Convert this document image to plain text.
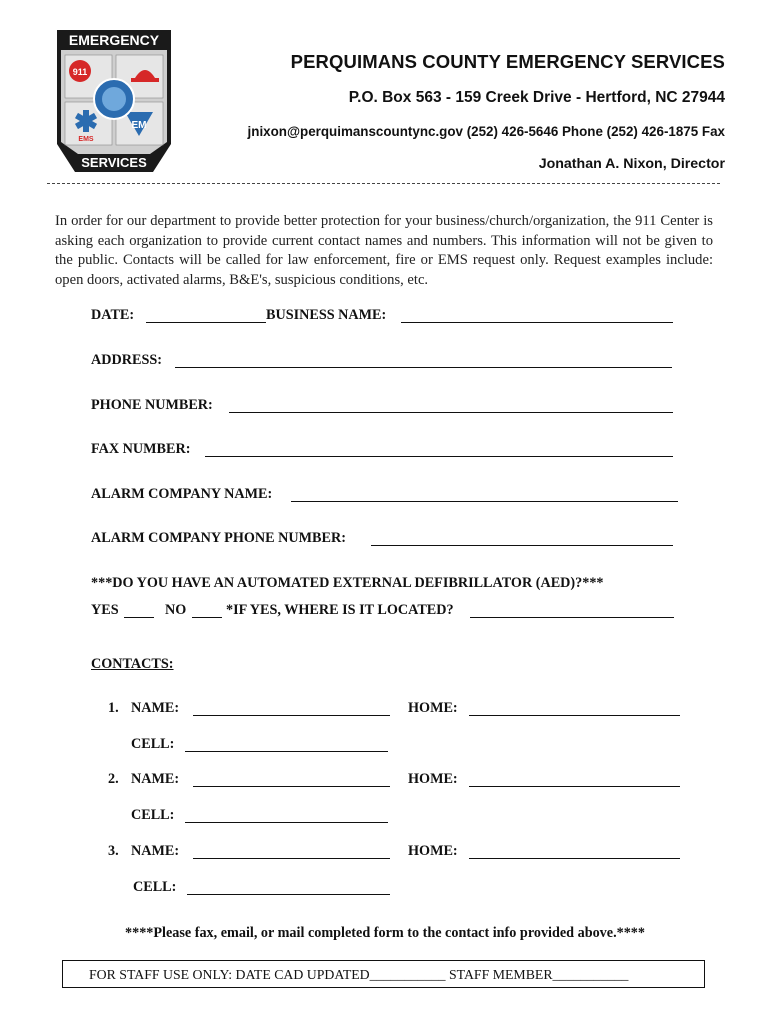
EMERGENCY
911
EMS
EM
SERVICES
PERQUIMANS COUNTY EMERGENCY SERVICES
P.O. Box 563 - 159 Creek Drive - Hertford, NC 27944
jnixon@perquimanscountync.gov (252) 426-5646 Phone (252) 426-1875 Fax
Jonathan A. Nixon, Director

In order for our department to provide better protection for your business/church/organization, the 911 Center is asking each organization to provide current contact names and numbers. This information will not be given to the public. Contacts will be called for law enforcement, fire or EMS request only. Request examples include: open doors, activated alarms, B&E's, suspicious conditions, etc.

DATE:	BUSINESS NAME:
ADDRESS:
PHONE NUMBER:
FAX NUMBER:
ALARM COMPANY NAME:
ALARM COMPANY PHONE NUMBER:
***DO YOU HAVE AN AUTOMATED EXTERNAL DEFIBRILLATOR (AED)?***
YES	NO	*IF YES, WHERE IS IT LOCATED?
CONTACTS:
1. NAME:	HOME:
CELL:
2. NAME:	HOME:
CELL:
3. NAME:	HOME:
CELL:
****Please fax, email, or mail completed form to the contact info provided above.****
FOR STAFF USE ONLY: DATE CAD UPDATED___________ STAFF MEMBER___________
